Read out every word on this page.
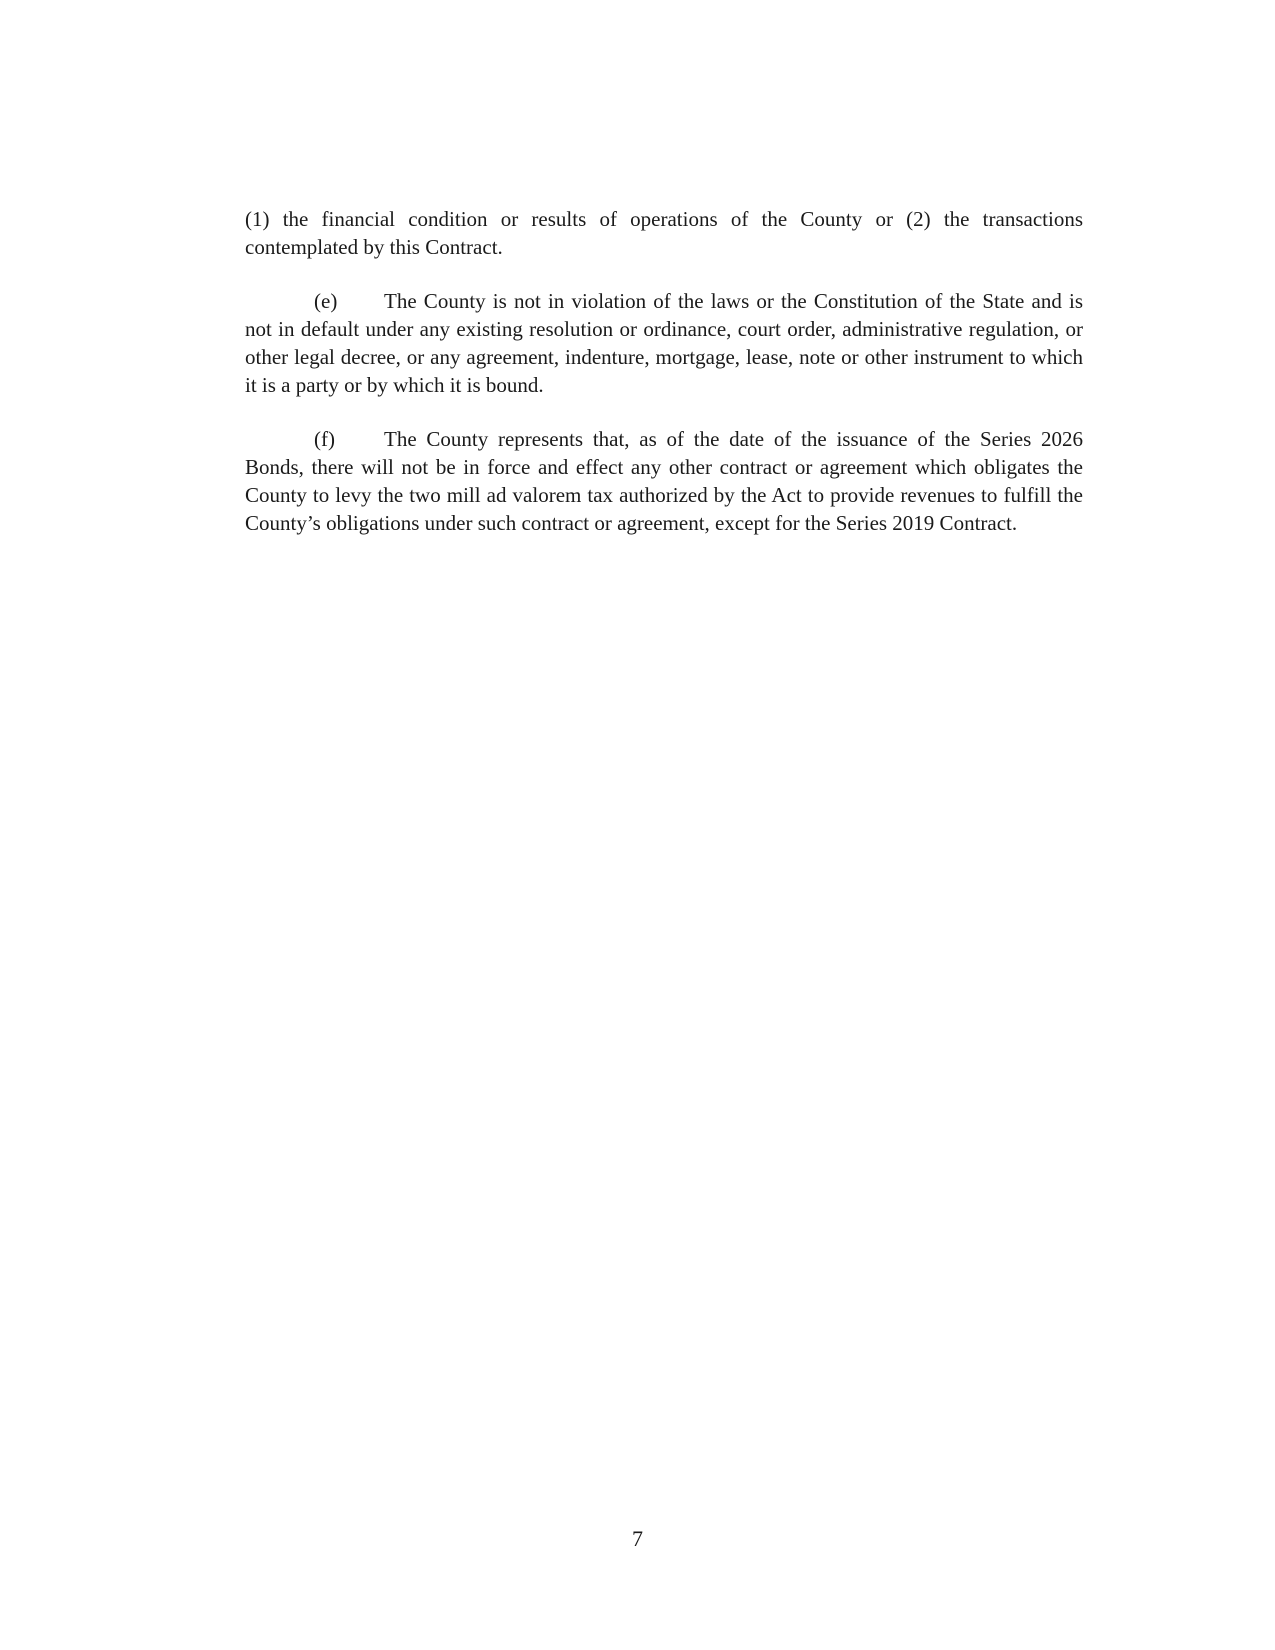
(1) the financial condition or results of operations of the County or (2) the transactions contemplated by this Contract.

(e) The County is not in violation of the laws or the Constitution of the State and is not in default under any existing resolution or ordinance, court order, administrative regulation, or other legal decree, or any agreement, indenture, mortgage, lease, note or other instrument to which it is a party or by which it is bound.

(f) The County represents that, as of the date of the issuance of the Series 2026 Bonds, there will not be in force and effect any other contract or agreement which obligates the County to levy the two mill ad valorem tax authorized by the Act to provide revenues to fulfill the County’s obligations under such contract or agreement, except for the Series 2019 Contract.

7
